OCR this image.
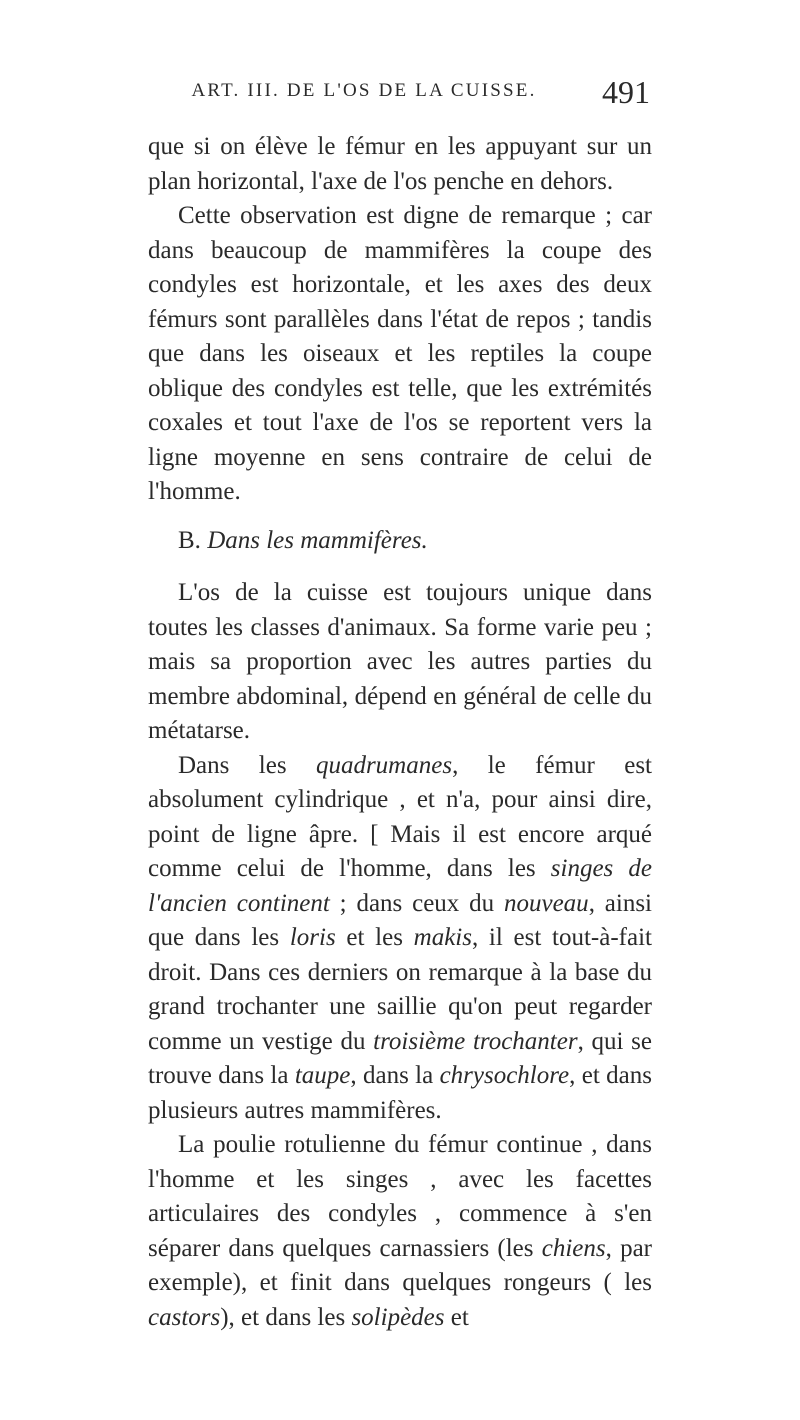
ART. III. DE L'OS DE LA CUISSE.	491

que si on élève le fémur en les appuyant sur un plan horizontal, l'axe de l'os penche en dehors.

Cette observation est digne de remarque ; car dans beaucoup de mammifères la coupe des condyles est horizontale, et les axes des deux fémurs sont parallèles dans l'état de repos ; tandis que dans les oiseaux et les reptiles la coupe oblique des condyles est telle, que les extrémités coxales et tout l'axe de l'os se reportent vers la ligne moyenne en sens contraire de celui de l'homme.

B. Dans les mammifères.

L'os de la cuisse est toujours unique dans toutes les classes d'animaux. Sa forme varie peu ; mais sa proportion avec les autres parties du membre abdominal, dépend en général de celle du métatarse.

Dans les quadrumanes, le fémur est absolument cylindrique , et n'a, pour ainsi dire, point de ligne âpre. [ Mais il est encore arqué comme celui de l'homme, dans les singes de l'ancien continent ; dans ceux du nouveau, ainsi que dans les loris et les makis, il est tout-à-fait droit. Dans ces derniers on remarque à la base du grand trochanter une saillie qu'on peut regarder comme un vestige du troisième trochanter, qui se trouve dans la taupe, dans la chrysochlore, et dans plusieurs autres mammifères.

La poulie rotulienne du fémur continue , dans l'homme et les singes , avec les facettes articulaires des condyles , commence à s'en séparer dans quelques carnassiers (les chiens, par exemple), et finit dans quelques rongeurs ( les castors), et dans les solipèdes et
